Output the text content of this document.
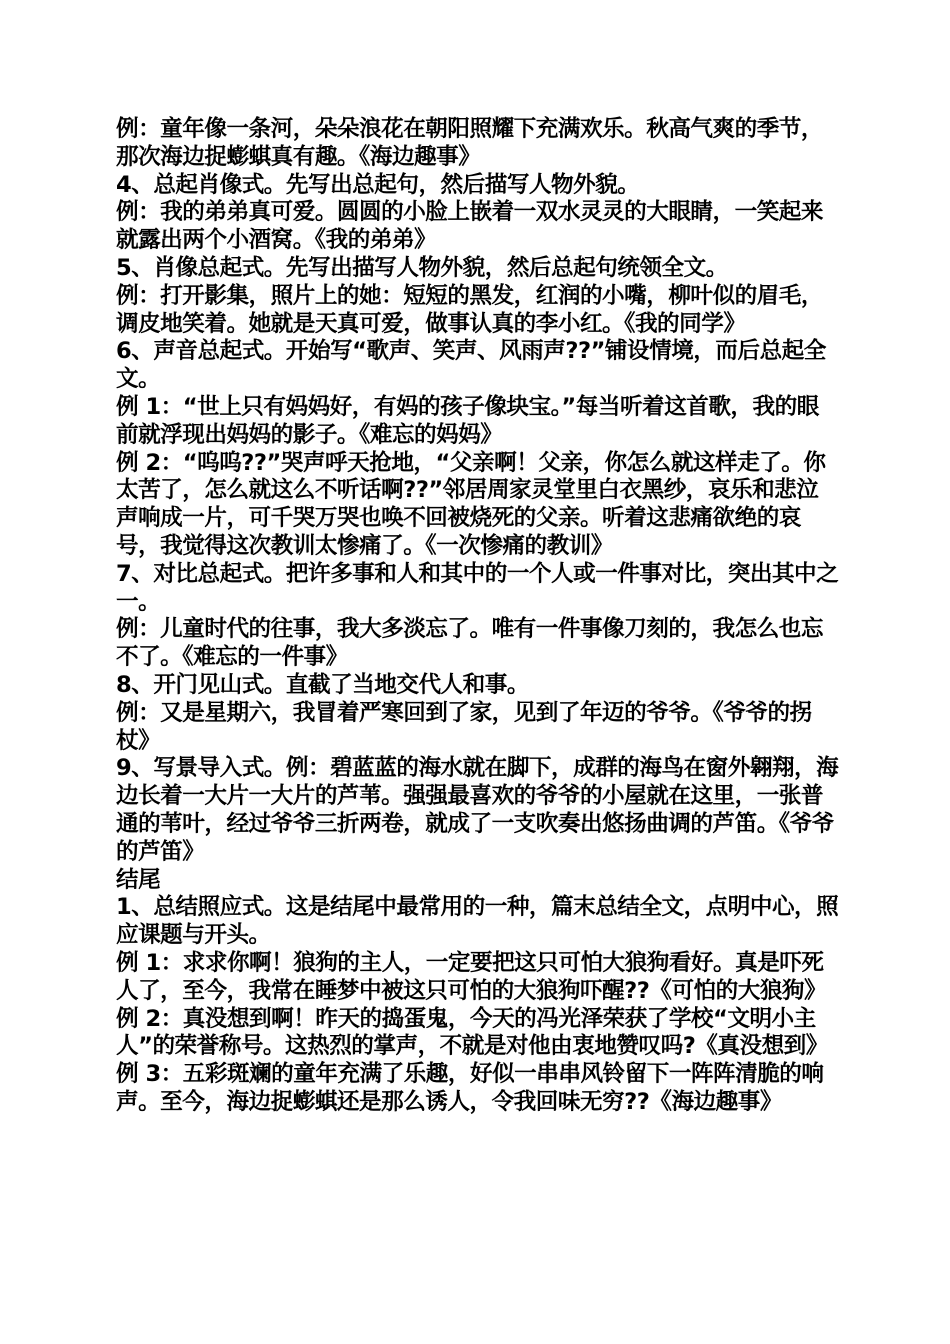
例：童年像一条河，朵朵浪花在朝阳照耀下充满欢乐。秋高气爽的季节，那次海边捉蟛蜞真有趣。《海边趣事》

4、总起肖像式。先写出总起句，然后描写人物外貌。

例：我的弟弟真可爱。圆圆的小脸上嵌着一双水灵灵的大眼睛，一笑起来就露出两个小酒窝。《我的弟弟》

5、肖像总起式。先写出描写人物外貌，然后总起句统领全文。

例：打开影集，照片上的她：短短的黑发，红润的小嘴，柳叶似的眉毛，调皮地笑着。她就是天真可爱，做事认真的李小红。《我的同学》

6、声音总起式。开始写“歌声、笑声、风雨声??”铺设情境，而后总起全文。

例 1：“世上只有妈妈好，有妈的孩子像块宝。”每当听着这首歌，我的眼前就浮现出妈妈的影子。《难忘的妈妈》

例 2：“呜呜??”哭声呼天抢地，“父亲啊！父亲，你怎么就这样走了。你太苦了，怎么就这么不听话啊??”邻居周家灵堂里白衣黑纱，哀乐和悲泣声响成一片，可千哭万哭也唤不回被烧死的父亲。听着这悲痛欲绝的哀号，我觉得这次教训太惨痛了。《一次惨痛的教训》

7、对比总起式。把许多事和人和其中的一个人或一件事对比，突出其中之一。

例：儿童时代的往事，我大多淡忘了。唯有一件事像刀刻的，我怎么也忘不了。《难忘的一件事》

8、开门见山式。直截了当地交代人和事。

例：又是星期六，我冒着严寒回到了家，见到了年迈的爷爷。《爷爷的拐杖》

9、写景导入式。例：碧蓝蓝的海水就在脚下，成群的海鸟在窗外翱翔，海边长着一大片一大片的芦苇。强强最喜欢的爷爷的小屋就在这里，一张普通的苇叶，经过爷爷三折两卷，就成了一支吹奏出悠扬曲调的芦笛。《爷爷的芦笛》

结尾

1、总结照应式。这是结尾中最常用的一种，篇末总结全文，点明中心，照应课题与开头。

例 1：求求你啊！狼狗的主人，一定要把这只可怕大狼狗看好。真是吓死人了，至今，我常在睡梦中被这只可怕的大狼狗吓醒??《可怕的大狼狗》

例 2：真没想到啊！昨天的捣蛋鬼，今天的冯光泽荣获了学校“文明小主人”的荣誉称号。这热烈的掌声，不就是对他由衷地赞叹吗?《真没想到》

例 3：五彩斑斓的童年充满了乐趣，好似一串串风铃留下一阵阵清脆的响声。至今，海边捉蟛蜞还是那么诱人，令我回味无穷??《海边趣事》
